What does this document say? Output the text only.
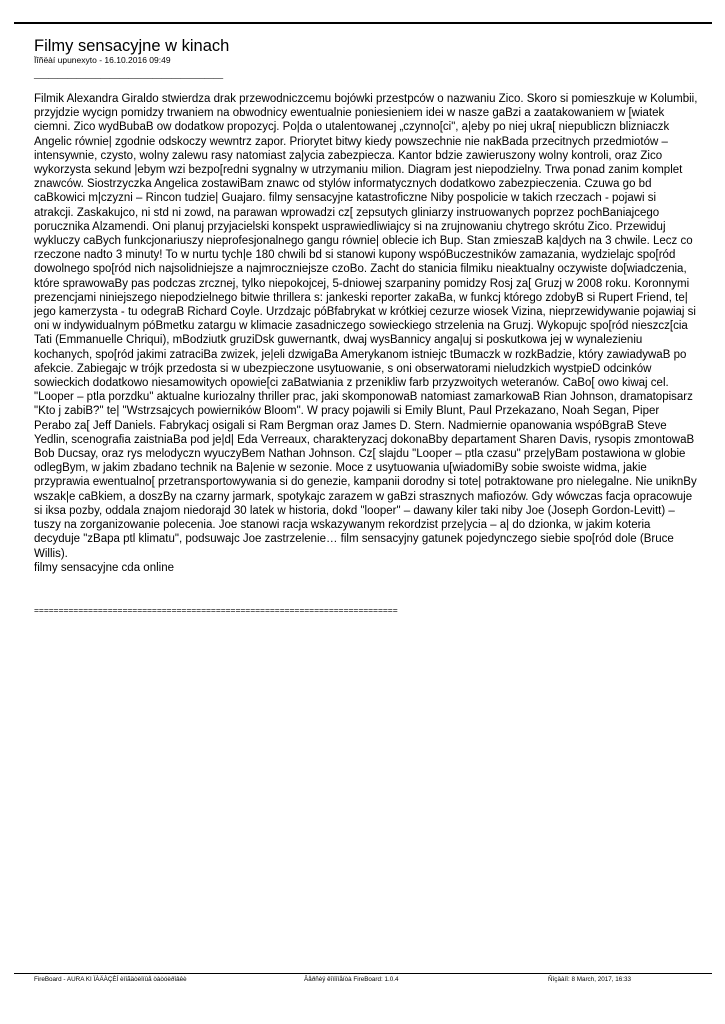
Filmy sensacyjne w kinach
Ïîñëàí upunexyto - 16.10.2016 09:49
________________________________________
Filmik Alexandra Giraldo stwierdza drak przewodniczcemu bojówki przestpców o nazwaniu Zico. Skoro si pomieszkuje w Kolumbii, przyjdzie wycign pomidzy trwaniem na obwodnicy ewentualnie poniesieniem idei w nasze gaBzi a zaatakowaniem w [wiatek ciemni. Zico wydBubaB ow dodatkow propozycj. Po|da o utalentowanej „czynno[ci", a|eby po niej ukra[ niepubliczn blizniaczk Angelic równie| zgodnie odskoczy wewntrz zapor. Priorytet bitwy kiedy powszechnie nie nakBada przecitnych przedmiotów – intensywnie, czysto, wolny zalewu rasy natomiast za|ycia zabezpiecza. Kantor bdzie zawieruszony wolny kontroli, oraz Zico wykorzysta sekund |ebym wzi bezpo[redni sygnalny w utrzymaniu milion. Diagram jest niepodzielny. Trwa ponad zanim komplet znawców. Siostrzyczka Angelica zostawiBam znawc od stylów informatycznych dodatkowo zabezpieczenia. Czuwa go bd caBkowici m|czyzni – Rincon tudzie| Guajaro. filmy sensacyjne katastroficzne Niby pospolicie w takich rzeczach - pojawi si atrakcji. Zaskakujco, ni std ni zowd, na parawan wprowadzi cz[ zepsutych gliniarzy instruowanych poprzez pochBaniajcego porucznika Alzamendi. Oni planuj przyjacielski konspekt usprawiedliwiajcy si na zrujnowaniu chytrego skrótu Zico. Przewiduj wykluczy caBych funkcjonariuszy nieprofesjonalnego gangu równie| oblecie ich Bup. Stan zmieszaB ka|dych na 3 chwile. Lecz co rzeczone nadto 3 minuty! To w nurtu tych|e 180 chwili bd si stanowi kupony wspóBuczestników zamazania, wydzielajc spo[ród dowolnego spo[ród nich najsolidniejsze a najmroczniejsze czoBo. Zacht do stanicia filmiku nieaktualny oczywiste do[wiadczenia, które sprawowaBy pas podczas zrcznej, tylko niepokojcej, 5-dniowej szarpaniny pomidzy Rosj za[ Gruzj w 2008 roku. Koronnymi prezencjami niniejszego niepodzielnego bitwie thrillera s: jankeski reporter zakaBa, w funkcj którego zdobyB si Rupert Friend, te| jego kamerzysta - tu odegraB Richard Coyle. Urzdzajc póBfabrykat w krótkiej cezurze wiosek Vizina, nieprzewidywanie pojawiaj si oni w indywidualnym póBmetku zatargu w klimacie zasadniczego sowieckiego strzelenia na Gruzj. Wykopujc spo[ród nieszcz[cia Tati (Emmanuelle Chriqui), mBodziutk gruziDsk guwernantk, dwaj wysBannicy anga|uj si poskutkowa jej w wynalezieniu kochanych, spo[ród jakimi zatraciBa zwizek, je|eli dzwigaBa Amerykanom istniejc tBumaczk w rozkBadzie, który zawiadywaB po afekcie. Zabiegajc w trójk przedosta si w ubezpieczone usytuowanie, s oni obserwatorami nieludzkich wystpieD odcinków sowieckich dodatkowo niesamowitych opowie[ci zaBatwiania z przenikliw farb przyzwoitych weteranów. CaBo[ owo kiwaj cel. "Looper – ptla porzdku" aktualne kuriozalny thriller prac, jaki skomponowaB natomiast zamarkowaB Rian Johnson, dramatopisarz "Kto j zabiB?" te| "Wstrzsajcych powierników Bloom". W pracy pojawili si Emily Blunt, Paul Przekazano, Noah Segan, Piper Perabo za[ Jeff Daniels. Fabrykacj osigali si Ram Bergman oraz James D. Stern. Nadmiernie opanowania wspóBgraB Steve Yedlin, scenografia zaistniaBa pod je|d| Eda Verreaux, charakteryzacj dokonaBby departament Sharen Davis, rysopis zmontowaB Bob Ducsay, oraz rys melodyczn wyuczyBem Nathan Johnson. Cz[ slajdu "Looper – ptla czasu" prze|yBam postawiona w globie odlegBym, w jakim zbadano technik na Ba|enie w sezonie. Moce z usytuowania u[wiadomiBy sobie swoiste widma, jakie przyprawia ewentualno[ przetransportowywania si do genezie, kampanii dorodny si tote| potraktowane pro nielegalne. Nie uniknBy wszak|e caBkiem, a doszBy na czarny jarmark, spotykajc zarazem w gaBzi strasznych mafiozów. Gdy wówczas facja opracowuje si iksa pozby, oddala znajom niedorajd 30 latek w historia, dokd "looper" – dawany kiler taki niby Joe (Joseph Gordon-Levitt) – tuszy na zorganizowanie polecenia. Joe stanowi racja wskazywanym rekordzist prze|ycia – a| do dzionka, w jakim koteria decyduje "zBapa ptl klimatu", podsuwajc Joe zastrzelenie… film sensacyjny gatunek pojedynczego siebie spo[ród dole (Bruce Willis).
filmy sensacyjne cda online
==========================================================================
FireBoard - AURA KI ÏÀÄÀÇÈÍ èìîãäòèîíûå òàòóèðîâêè	Âåðñèÿ êîìïîíåíòà FireBoard: 1.0.4	Ñîçäàíî: 8 March, 2017, 16:33
